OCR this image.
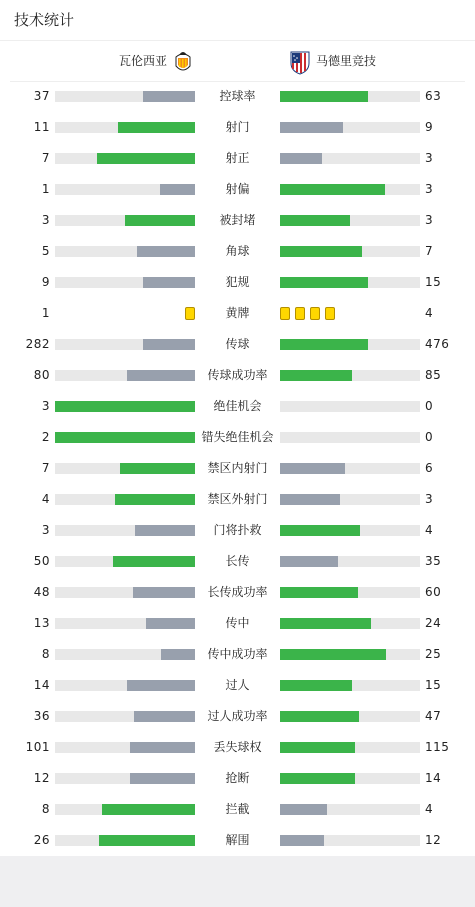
技术统计
瓦伦西亚	马德里竞技
37	控球率	63
11	射门	9
7	射正	3
1	射偏	3
3	被封堵	3
5	角球	7
9	犯规	15
1	黄牌	4
282	传球	476
80	传球成功率	85
3	绝佳机会	0
2	错失绝佳机会	0
7	禁区内射门	6
4	禁区外射门	3
3	门将扑救	4
50	长传	35
48	长传成功率	60
13	传中	24
8	传中成功率	25
14	过人	15
36	过人成功率	47
101	丢失球权	115
12	抢断	14
8	拦截	4
26	解围	12
